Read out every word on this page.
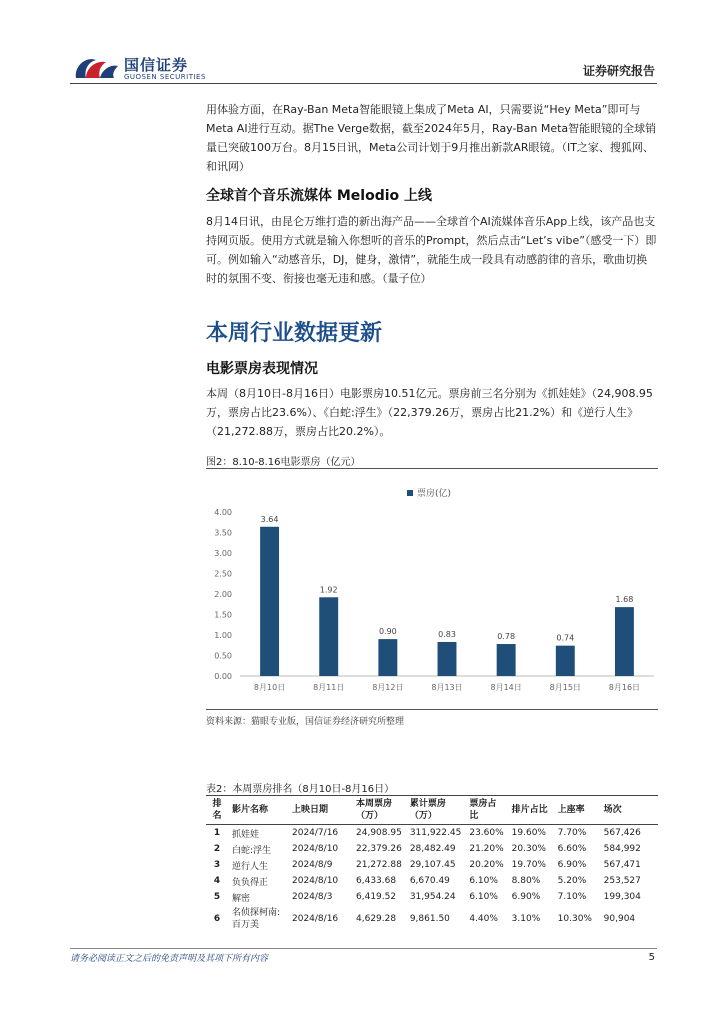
国信证券
GUOSEN SECURITIES	证券研究报告

用体验方面，在Ray-Ban Meta智能眼镜上集成了Meta AI，只需要说“Hey Meta”即可与Meta AI进行互动。据The Verge数据，截至2024年5月，Ray-Ban Meta智能眼镜的全球销量已突破100万台。8月15日讯，Meta公司计划于9月推出新款AR眼镜。（IT之家、搜狐网、和讯网）

全球首个音乐流媒体 Melodio 上线

8月14日讯，由昆仑万维打造的新出海产品——全球首个AI流媒体音乐App上线，该产品也支持网页版。使用方式就是输入你想听的音乐的Prompt，然后点击“Let’s vibe”（感受一下）即可。例如输入“动感音乐，DJ，健身，激情”，就能生成一段具有动感韵律的音乐，歌曲切换时的氛围不变、衔接也毫无违和感。（量子位）

本周行业数据更新
电影票房表现情况

本周（8月10日-8月16日）电影票房10.51亿元。票房前三名分别为《抓娃娃》（24,908.95万，票房占比23.6%）、《白蛇:浮生》（22,379.26万，票房占比21.2%）和《逆行人生》（21,272.88万，票房占比20.2%）。

图2：8.10-8.16电影票房（亿元）
票房(亿)
0.00
0.50
1.00
1.50
2.00
2.50
3.00
3.50
4.00
3.64
1.92
0.90	0.83	0.78	0.74
1.68
8月10日	8月11日	8月12日	8月13日	8月14日	8月15日	8月16日
资料来源：猫眼专业版，国信证券经济研究所整理
表2：本周票房排名（8月10日-8月16日）
排名	影片名称	上映日期	本周票房（万）	累计票房（万）	票房占比	排片占比	上座率	场次
1	抓娃娃	2024/7/16	24,908.95	311,922.45	23.60%	19.60%	7.70%	567,426
2	白蛇:浮生	2024/8/10	22,379.26	28,482.49	21.20%	20.30%	6.60%	584,992
3	逆行人生	2024/8/9	21,272.88	29,107.45	20.20%	19.70%	6.90%	567,471
4	负负得正	2024/8/10	6,433.68	6,670.49	6.10%	8.80%	5.20%	253,527
5	解密	2024/8/3	6,419.52	31,954.24	6.10%	6.90%	7.10%	199,304
6	名侦探柯南:百万美	2024/8/16	4,629.28	9,861.50	4.40%	3.10%	10.30%	90,904
请务必阅读正文之后的免责声明及其项下所有内容	5
